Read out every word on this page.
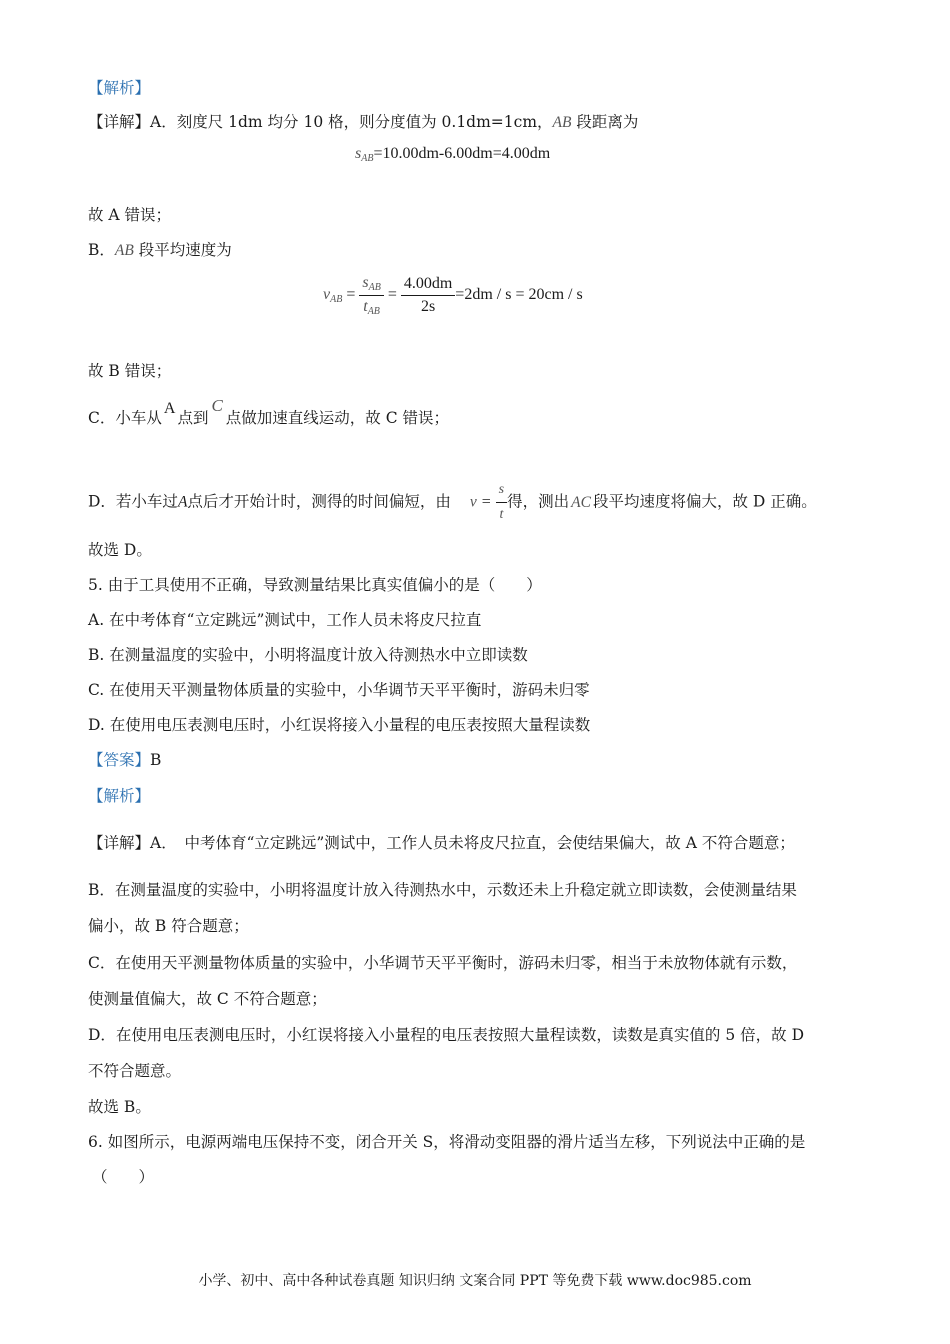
【解析】
【详解】A．刻度尺 1dm 均分 10 格，则分度值为 0.1dm=1cm，AB 段距离为
$s_{AB}=10.00dm-6.00dm=4.00dm$
故 A 错误；
B．AB 段平均速度为
$v_{AB} = \frac{s_{AB}}{t_{AB}} = \frac{4.00dm}{2s} =2dm / s = 20cm / s$
故 B 错误；
C．小车从A点到C点做加速直线运动，故 C 错误；
D．若小车过A点后才开始计时，测得的时间偏短，由 $v = \frac{s}{t}$ 得，测出 AC 段平均速度将偏大，故 D 正确。
故选 D。
5. 由于工具使用不正确，导致测量结果比真实值偏小的是（　　）
A. 在中考体育“立定跳远”测试中，工作人员未将皮尺拉直
B. 在测量温度的实验中，小明将温度计放入待测热水中立即读数
C. 在使用天平测量物体质量的实验中，小华调节天平平衡时，游码未归零
D. 在使用电压表测电压时，小红误将接入小量程的电压表按照大量程读数
【答案】B
【解析】
【详解】A．　中考体育“立定跳远”测试中，工作人员未将皮尺拉直，会使结果偏大，故 A 不符合题意；
B．在测量温度的实验中，小明将温度计放入待测热水中，示数还未上升稳定就立即读数，会使测量结果
偏小，故 B 符合题意；
C．在使用天平测量物体质量的实验中，小华调节天平平衡时，游码未归零，相当于未放物体就有示数，
使测量值偏大，故 C 不符合题意；
D．在使用电压表测电压时，小红误将接入小量程的电压表按照大量程读数，读数是真实值的 5 倍，故 D
不符合题意。
故选 B。
6. 如图所示，电源两端电压保持不变，闭合开关 S，将滑动变阻器的滑片适当左移，下列说法中正确的是
（　　）
小学、初中、高中各种试卷真题 知识归纳 文案合同 PPT 等免费下载 www.doc985.com
